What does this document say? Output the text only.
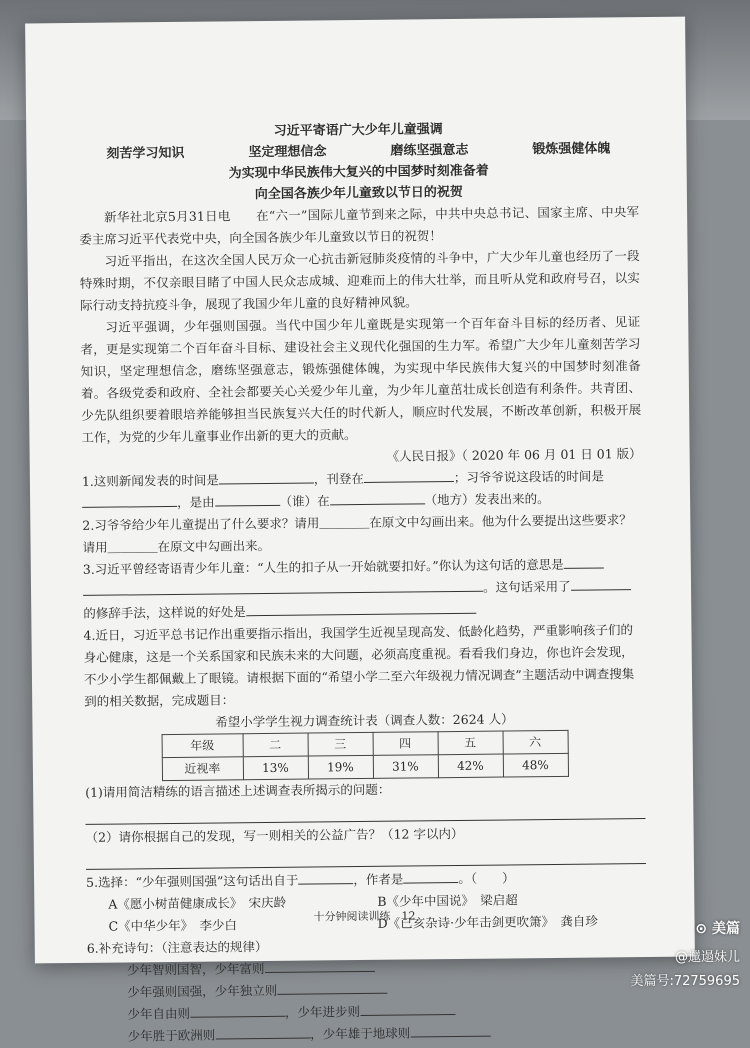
习近平寄语广大少年儿童强调
刻苦学习知识	坚定理想信念	磨练坚强意志	锻炼强健体魄
为实现中华民族伟大复兴的中国梦时刻准备着
向全国各族少年儿童致以节日的祝贺

新华社北京5月31日电　　在“六一”国际儿童节到来之际，中共中央总书记、国家主席、中央军委主席习近平代表党中央，向全国各族少年儿童致以节日的祝贺！

习近平指出，在这次全国人民万众一心抗击新冠肺炎疫情的斗争中，广大少年儿童也经历了一段特殊时期，不仅亲眼目睹了中国人民众志成城、迎难而上的伟大壮举，而且听从党和政府号召，以实际行动支持抗疫斗争，展现了我国少年儿童的良好精神风貌。

习近平强调，少年强则国强。当代中国少年儿童既是实现第一个百年奋斗目标的经历者、见证者，更是实现第二个百年奋斗目标、建设社会主义现代化强国的生力军。希望广大少年儿童刻苦学习知识，坚定理想信念，磨练坚强意志，锻炼强健体魄，为实现中华民族伟大复兴的中国梦时刻准备着。各级党委和政府、全社会都要关心关爱少年儿童，为少年儿童茁壮成长创造有利条件。共青团、少先队组织要着眼培养能够担当民族复兴大任的时代新人，顺应时代发展，不断改革创新，积极开展工作，为党的少年儿童事业作出新的更大的贡献。

《人民日报》（ 2020 年 06 月 01 日 01 版）

1.这则新闻发表的时间是	，刊登在	；习爷爷说这段话的时间是，是由	（谁）在	（地方）发表出来的。

2.习爷爷给少年儿童提出了什么要求？请用＿＿＿＿在原文中勾画出来。他为什么要提出这些要求？请用＿＿＿＿在原文中勾画出来。

3.习近平曾经寄语青少年儿童：“人生的扣子从一开始就要扣好。”你认为这句话的意思是
。这句话采用了
的修辞手法，这样说的好处是

4.近日，习近平总书记作出重要指示指出，我国学生近视呈现高发、低龄化趋势，严重影响孩子们的身心健康，这是一个关系国家和民族未来的大问题，必须高度重视。看看我们身边，你也许会发现，不少小学生都佩戴上了眼镜。请根据下面的“希望小学二至六年级视力情况调查”主题活动中调查搜集到的相关数据，完成题目：

希望小学学生视力调查统计表（调查人数：2624 人）

年级	二	三	四	五	六
近视率	13%	19%	31%	42%	48%

(1)请用简洁精练的语言描述上述调查表所揭示的问题：

（2）请你根据自己的发现，写一则相关的公益广告？（12 字以内）

5.选择：“少年强则国强”这句话出自于	，作者是	。（　　）

A《愿小树苗健康成长》　 宋庆龄	B《少年中国说》　 梁启超
C《中华少年》　 李少白	D《已亥杂诗·少年击剑更吹箫》　 龚自珍

6.补充诗句：（注意表达的规律）

少年智则国智，少年富则
少年强则国强，少年独立则
少年自由则	，少年进步则
少年胜于欧洲则	，少年雄于地球则
十分钟阅读训练　12
⊙ 美篇
@邋遢妹儿
美篇号:72759695
